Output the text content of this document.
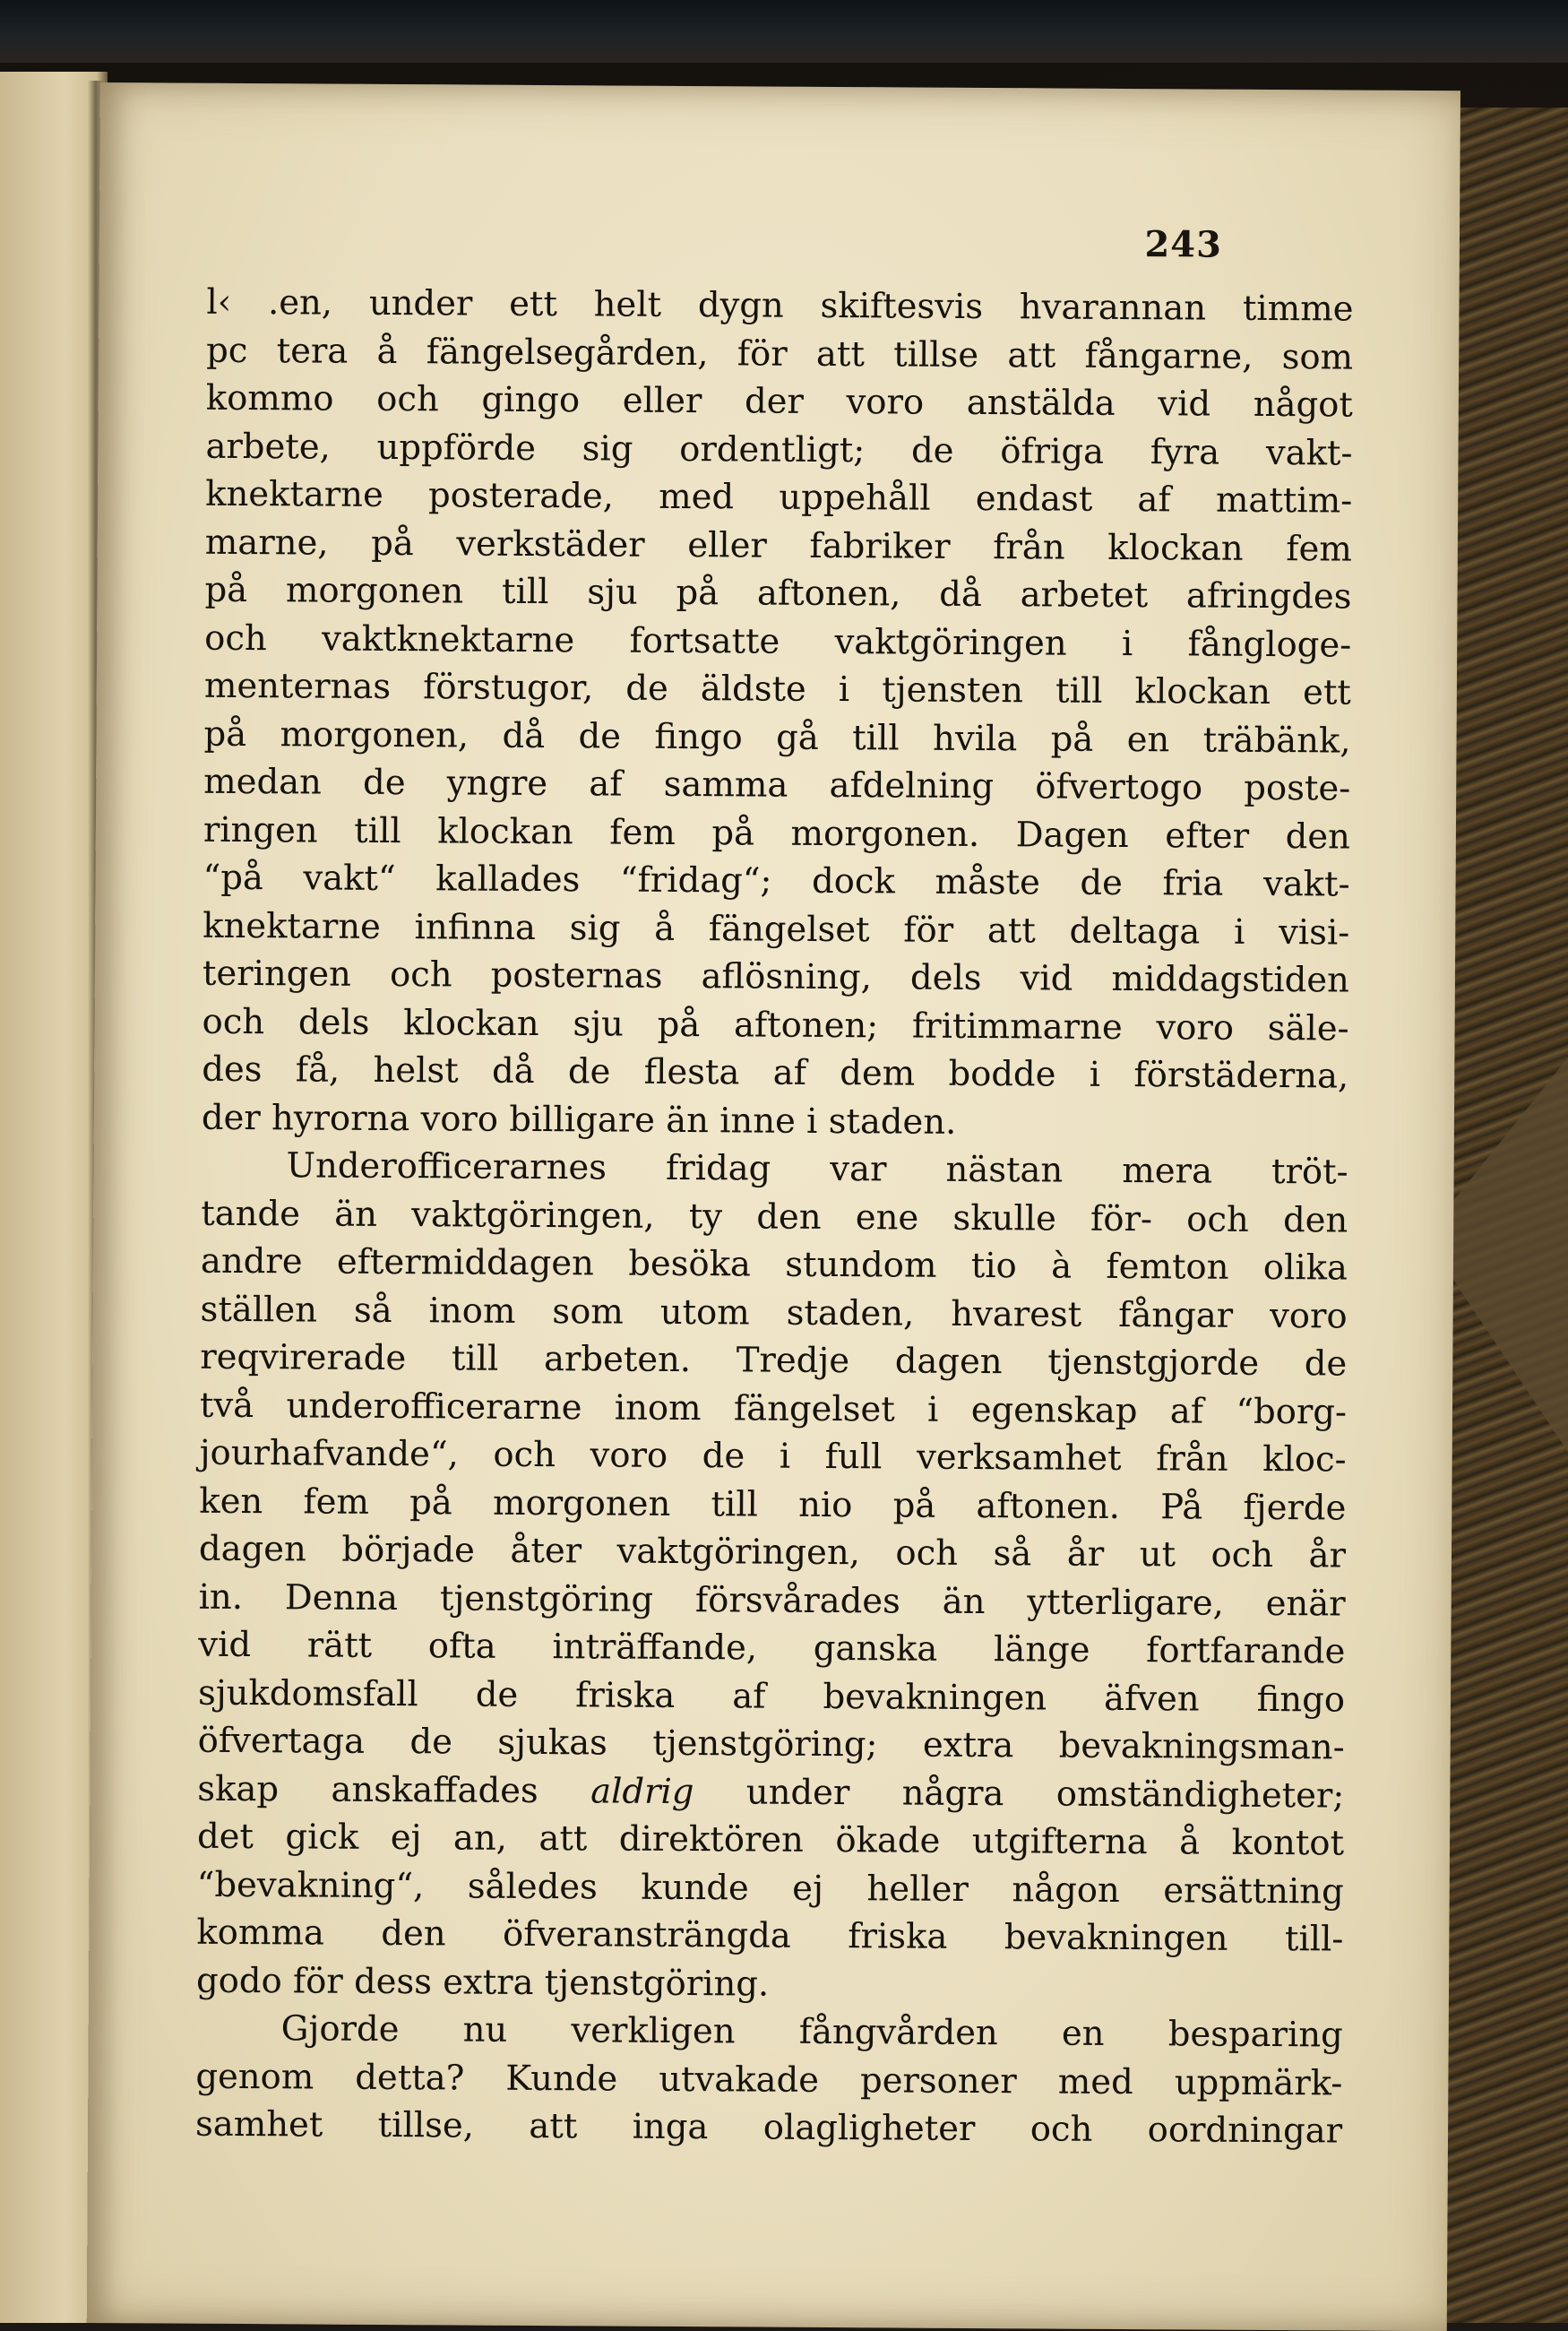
243
l‹ .en, under ett helt dygn skiftesvis hvarannan timme
pc tera å fängelsegården, för att tillse att fångarne, som
kommo och gingo eller der voro anstälda vid något
arbete, uppförde sig ordentligt; de öfriga fyra vakt-
knektarne posterade, med uppehåll endast af mattim-
marne, på verkstäder eller fabriker från klockan fem
på morgonen till sju på aftonen, då arbetet afringdes
och vaktknektarne fortsatte vaktgöringen i fångloge-
menternas förstugor, de äldste i tjensten till klockan ett
på morgonen, då de fingo gå till hvila på en träbänk,
medan de yngre af samma afdelning öfvertogo poste-
ringen till klockan fem på morgonen. Dagen efter den
“på vakt“ kallades “fridag“; dock måste de fria vakt-
knektarne infinna sig å fängelset för att deltaga i visi-
teringen och posternas aflösning, dels vid middagstiden
och dels klockan sju på aftonen; fritimmarne voro säle-
des få, helst då de flesta af dem bodde i förstäderna,
der hyrorna voro billigare än inne i staden.
Underofficerarnes fridag var nästan mera tröt-
tande än vaktgöringen, ty den ene skulle för- och den
andre eftermiddagen besöka stundom tio à femton olika
ställen så inom som utom staden, hvarest fångar voro
reqvirerade till arbeten. Tredje dagen tjenstgjorde de
två underofficerarne inom fängelset i egenskap af “borg-
jourhafvande“, och voro de i full verksamhet från kloc-
ken fem på morgonen till nio på aftonen. På fjerde
dagen började åter vaktgöringen, och så år ut och år
in. Denna tjenstgöring försvårades än ytterligare, enär
vid rätt ofta inträffande, ganska länge fortfarande
sjukdomsfall de friska af bevakningen äfven fingo
öfvertaga de sjukas tjenstgöring; extra bevakningsman-
skap anskaffades aldrig under några omständigheter;
det gick ej an, att direktören ökade utgifterna å kontot
“bevakning“, således kunde ej heller någon ersättning
komma den öfveransträngda friska bevakningen till-
godo för dess extra tjenstgöring.
Gjorde nu verkligen fångvården en besparing
genom detta? Kunde utvakade personer med uppmärk-
samhet tillse, att inga olagligheter och oordningar
